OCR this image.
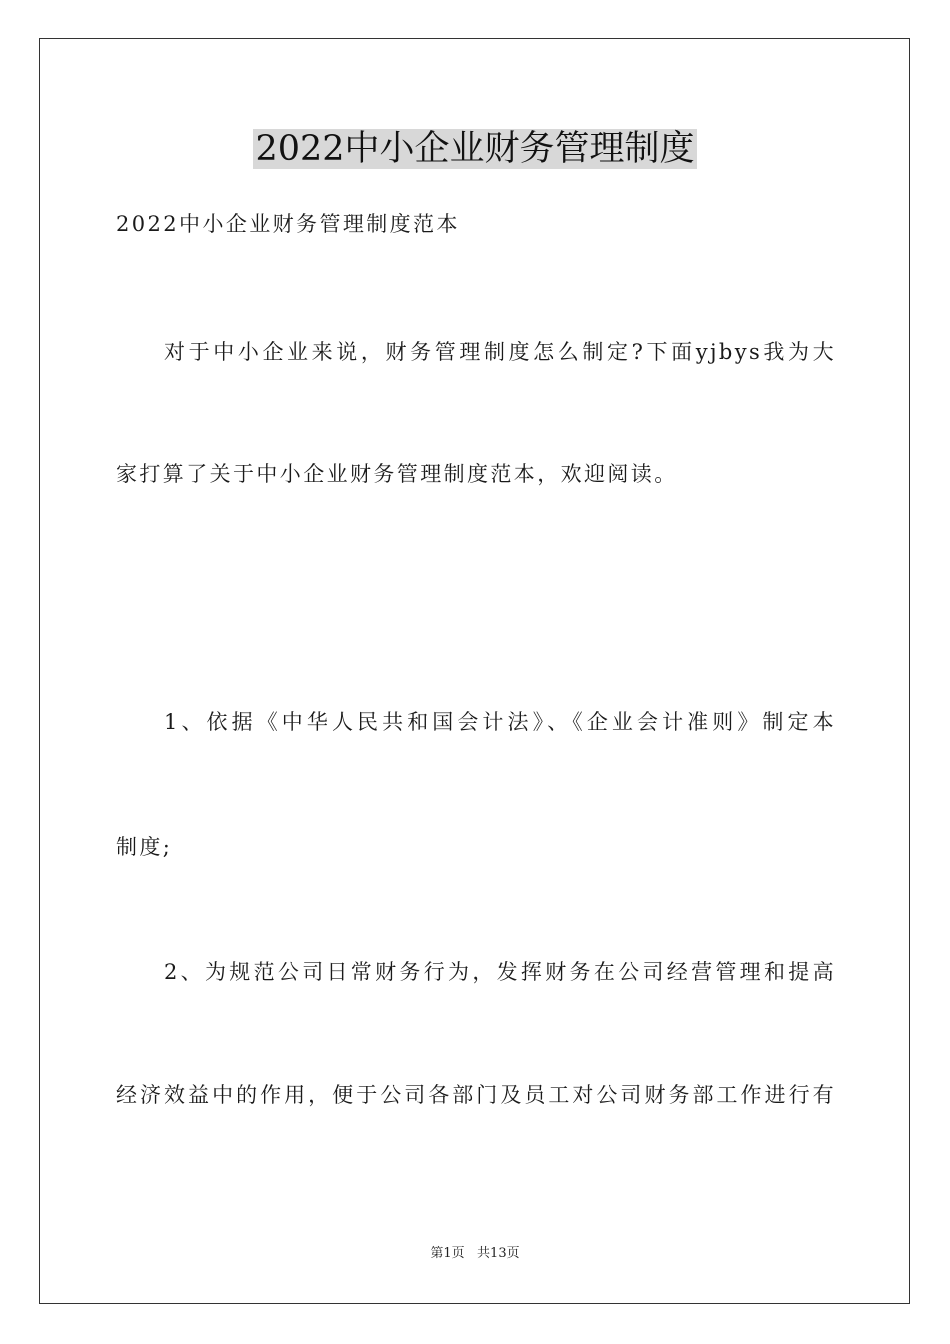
2022中小企业财务管理制度
2022中小企业财务管理制度范本
对于中小企业来说，财务管理制度怎么制定?下面yjbys我为大
家打算了关于中小企业财务管理制度范本，欢迎阅读。
1、依据《中华人民共和国会计法》、《企业会计准则》制定本
制度;
2、为规范公司日常财务行为，发挥财务在公司经营管理和提高
经济效益中的作用，便于公司各部门及员工对公司财务部工作进行有
第1页   共13页
